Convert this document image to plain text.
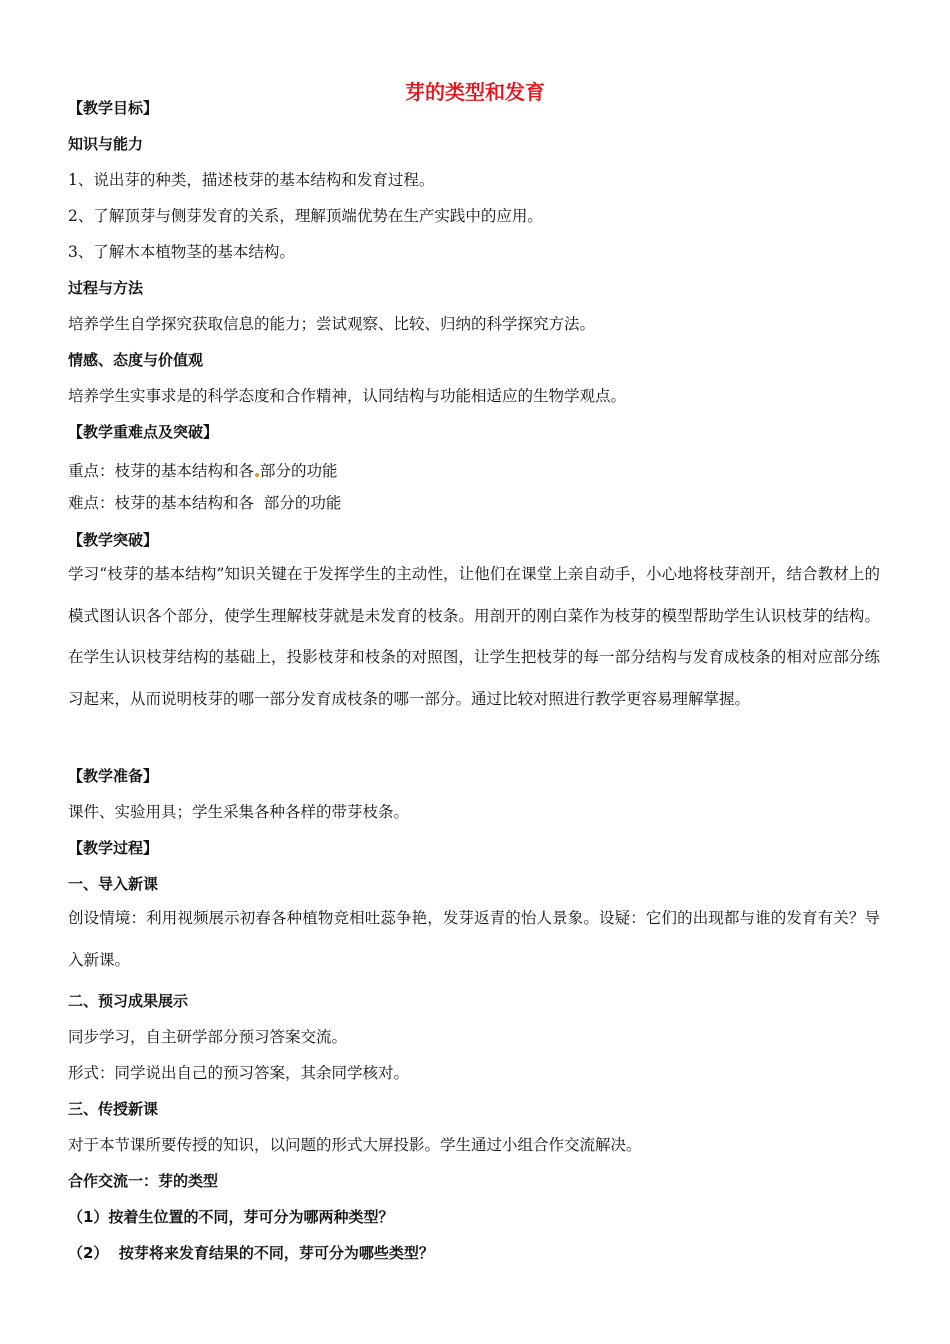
芽的类型和发育
【教学目标】
知识与能力
1、说出芽的种类，描述枝芽的基本结构和发育过程。
2、了解顶芽与侧芽发育的关系，理解顶端优势在生产实践中的应用。
3、了解木本植物茎的基本结构。
过程与方法
培养学生自学探究获取信息的能力；尝试观察、比较、归纳的科学探究方法。
情感、态度与价值观
培养学生实事求是的科学态度和合作精神，认同结构与功能相适应的生物学观点。
【教学重难点及突破】
重点：枝芽的基本结构和各 部分的功能
难点：枝芽的基本结构和各  部分的功能
【教学突破】
学习“枝芽的基本结构”知识关键在于发挥学生的主动性，让他们在课堂上亲自动手，小心地将枝芽剖开，结合教材上的模式图认识各个部分，使学生理解枝芽就是未发育的枝条。用剖开的刚白菜作为枝芽的模型帮助学生认识枝芽的结构。在学生认识枝芽结构的基础上，投影枝芽和枝条的对照图，让学生把枝芽的每一部分结构与发育成枝条的相对应部分练习起来，从而说明枝芽的哪一部分发育成枝条的哪一部分。通过比较对照进行教学更容易理解掌握。
【教学准备】
课件、实验用具；学生采集各种各样的带芽枝条。
【教学过程】
一、导入新课
创设情境：利用视频展示初春各种植物竞相吐蕊争艳，发芽返青的怡人景象。设疑：它们的出现都与谁的发育有关？导入新课。
二、预习成果展示
同步学习，自主研学部分预习答案交流。
形式：同学说出自己的预习答案，其余同学核对。
三、传授新课
对于本节课所要传授的知识，以问题的形式大屏投影。学生通过小组合作交流解决。
合作交流一：芽的类型
（1）按着生位置的不同，芽可分为哪两种类型？
（2）  按芽将来发育结果的不同，芽可分为哪些类型？
